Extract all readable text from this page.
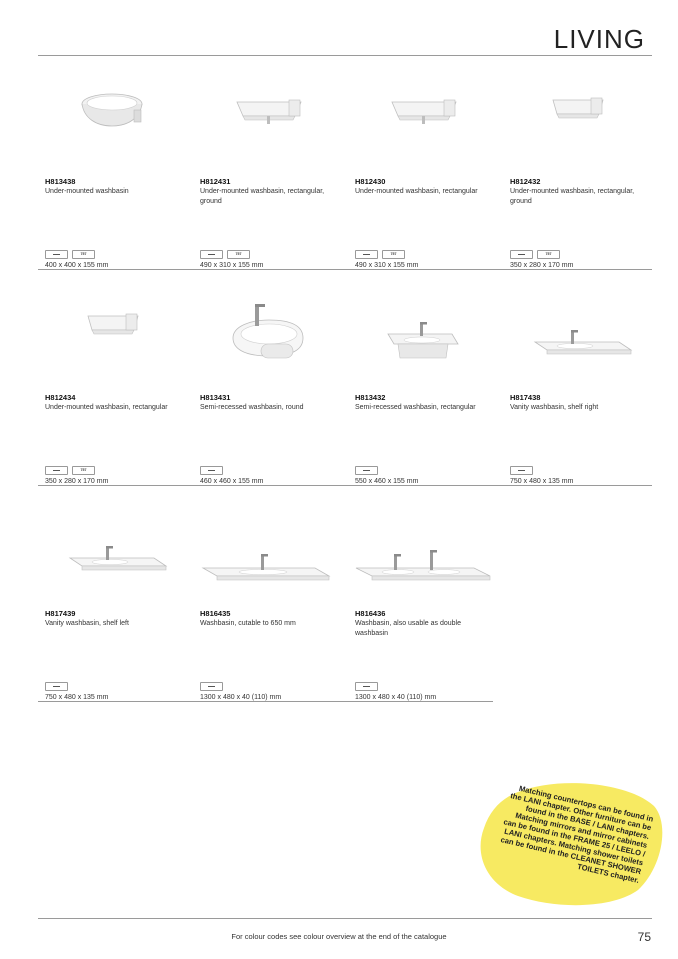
LIVING
H813438
Under-mounted washbasin
757
400 x 400 x 155 mm
H812431
Under-mounted washbasin, rectangular, ground
757
490 x 310 x 155 mm
H812430
Under-mounted washbasin, rectangular
757
490 x 310 x 155 mm
H812432
Under-mounted washbasin, rectangular, ground
757
350 x 280 x 170 mm
H812434
Under-mounted washbasin, rectangular
757
350 x 280 x 170 mm
H813431
Semi-recessed washbasin, round
460 x 460 x 155 mm
H813432
Semi-recessed washbasin, rectangular
550 x 460 x 155 mm
H817438
Vanity washbasin, shelf right
750 x 480 x 135 mm
H817439
Vanity washbasin, shelf left
750 x 480 x 135 mm
H816435
Washbasin, cutable to 650 mm
1300 x 480 x 40 (110) mm
H816436
Washbasin, also usable as double washbasin
1300 x 480 x 40 (110) mm
Matching countertops can be found in the LANI chapter. Other furniture can be found in the BASE / LANI chapters. Matching mirrors and mirror cabinets can be found in the FRAME 25 / LEELO / LANI chapters. Matching shower toilets can be found in the CLEANET SHOWER TOILETS chapter.
For colour codes see colour overview at the end of the catalogue	75
